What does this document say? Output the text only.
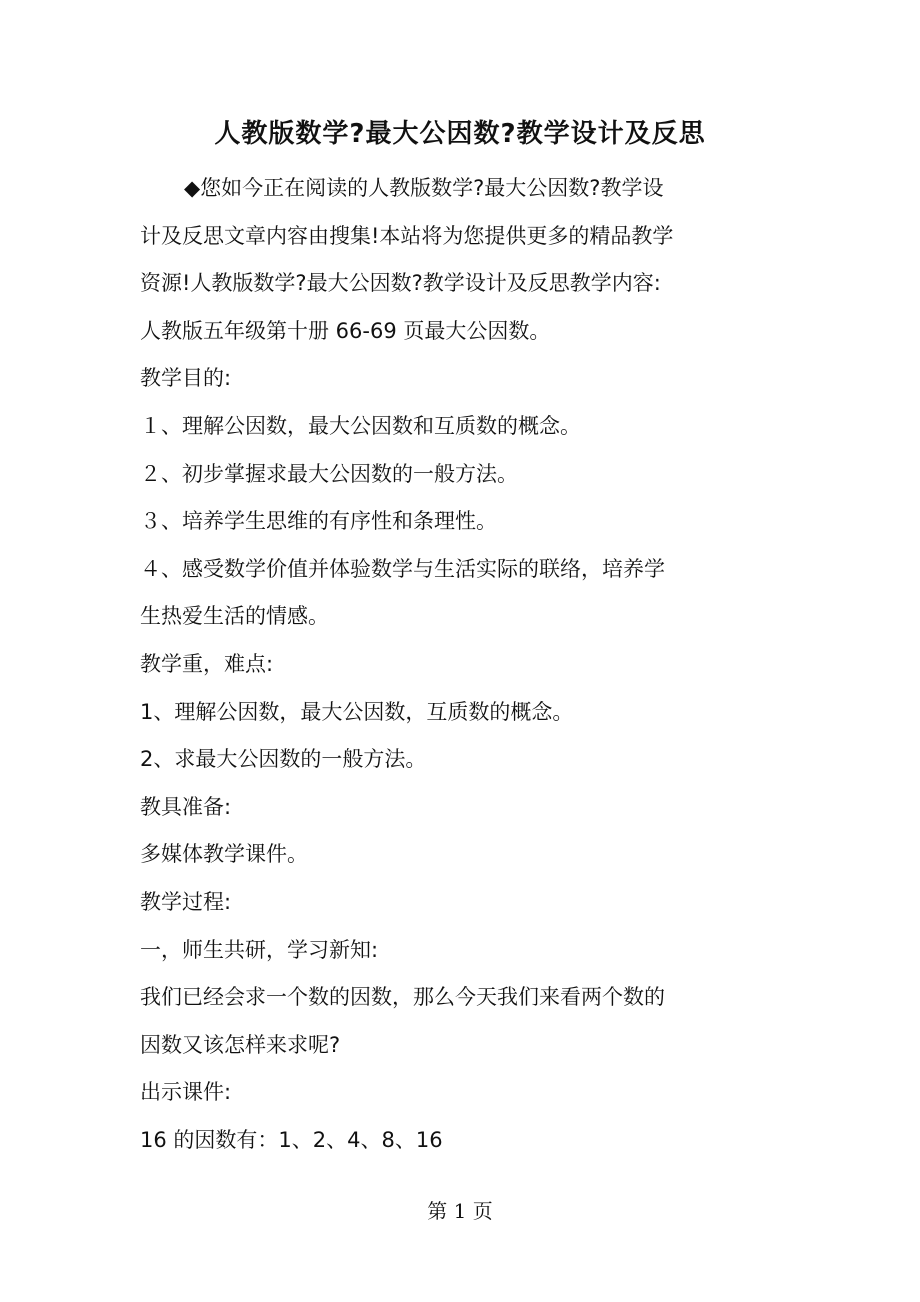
人教版数学?最大公因数?教学设计及反思

◆您如今正在阅读的人教版数学?最大公因数?教学设

计及反思文章内容由搜集!本站将为您提供更多的精品教学

资源!人教版数学?最大公因数?教学设计及反思教学内容:

人教版五年级第十册 66-69 页最大公因数。

教学目的:

１、理解公因数，最大公因数和互质数的概念。

２、初步掌握求最大公因数的一般方法。

３、培养学生思维的有序性和条理性。

４、感受数学价值并体验数学与生活实际的联络，培养学

生热爱生活的情感。

教学重，难点:

1、理解公因数，最大公因数，互质数的概念。

2、求最大公因数的一般方法。

教具准备:

多媒体教学课件。

教学过程:

一，师生共研，学习新知:

我们已经会求一个数的因数，那么今天我们来看两个数的

因数又该怎样来求呢?

出示课件:

16 的因数有：1、2、4、8、16

第 1 页
